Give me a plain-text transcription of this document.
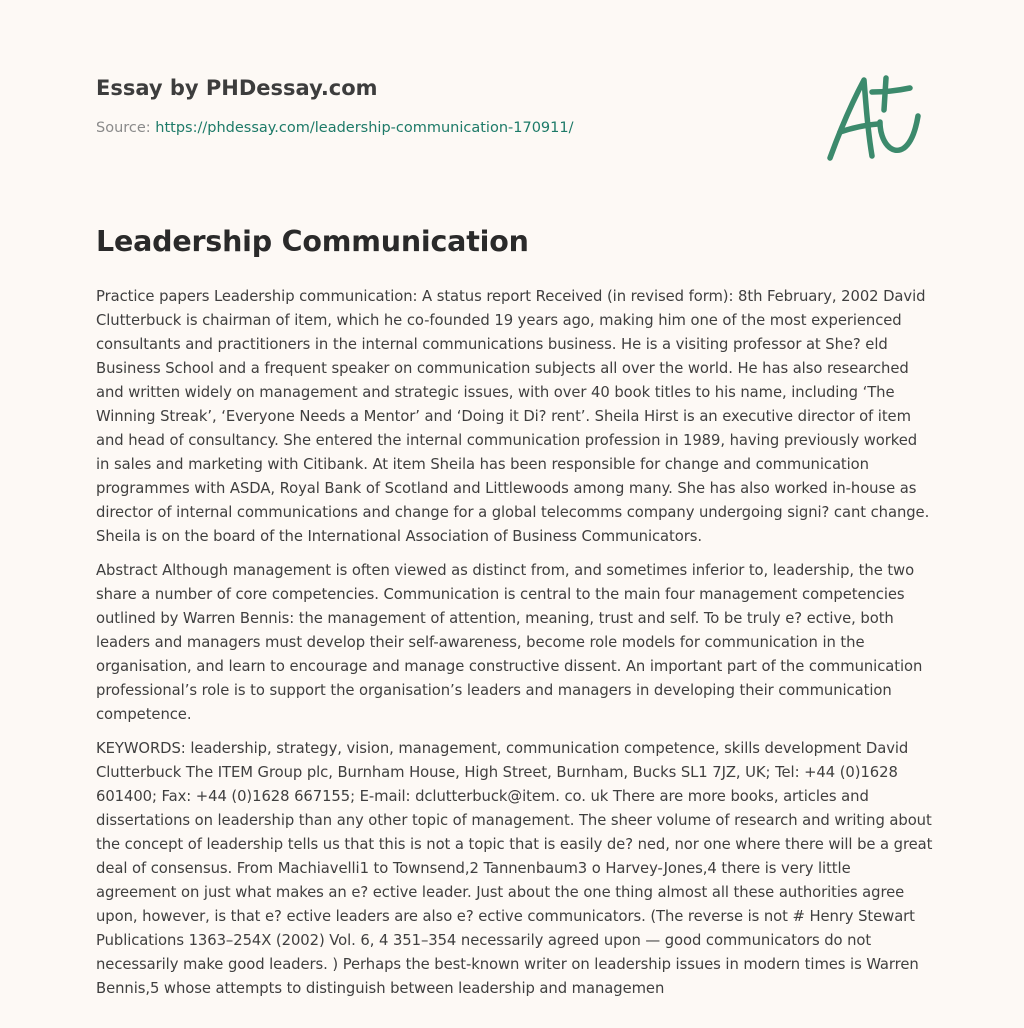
Essay by PHDessay.com
Source: https://phdessay.com/leadership-communication-170911/
Leadership Communication

Practice papers Leadership communication: A status report Received (in revised form): 8th February, 2002 David Clutterbuck is chairman of item, which he co-founded 19 years ago, making him one of the most experienced consultants and practitioners in the internal communications business. He is a visiting professor at She? eld Business School and a frequent speaker on communication subjects all over the world. He has also researched and written widely on management and strategic issues, with over 40 book titles to his name, including ‘The Winning Streak’, ‘Everyone Needs a Mentor’ and ‘Doing it Di? rent’. Sheila Hirst is an executive director of item and head of consultancy. She entered the internal communication profession in 1989, having previously worked in sales and marketing with Citibank. At item Sheila has been responsible for change and communication programmes with ASDA, Royal Bank of Scotland and Littlewoods among many. She has also worked in-house as director of internal communications and change for a global telecomms company undergoing signi? cant change. Sheila is on the board of the International Association of Business Communicators.

Abstract Although management is often viewed as distinct from, and sometimes inferior to, leadership, the two share a number of core competencies. Communication is central to the main four management competencies outlined by Warren Bennis: the management of attention, meaning, trust and self. To be truly e? ective, both leaders and managers must develop their self-awareness, become role models for communication in the organisation, and learn to encourage and manage constructive dissent. An important part of the communication professional’s role is to support the organisation’s leaders and managers in developing their communication competence.

KEYWORDS: leadership, strategy, vision, management, communication competence, skills development David Clutterbuck The ITEM Group plc, Burnham House, High Street, Burnham, Bucks SL1 7JZ, UK; Tel: +44 (0)1628 601400; Fax: +44 (0)1628 667155; E-mail: dclutterbuck@item. co. uk There are more books, articles and dissertations on leadership than any other topic of management. The sheer volume of research and writing about the concept of leadership tells us that this is not a topic that is easily de? ned, nor one where there will be a great deal of consensus. From Machiavelli1 to Townsend,2 Tannenbaum3 o Harvey-Jones,4 there is very little agreement on just what makes an e? ective leader. Just about the one thing almost all these authorities agree upon, however, is that e? ective leaders are also e? ective communicators. (The reverse is not # Henry Stewart Publications 1363–254X (2002) Vol. 6, 4 351–354 necessarily agreed upon — good communicators do not necessarily make good leaders. ) Perhaps the best-known writer on leadership issues in modern times is Warren Bennis,5 whose attempts to distinguish between leadership and managemen
